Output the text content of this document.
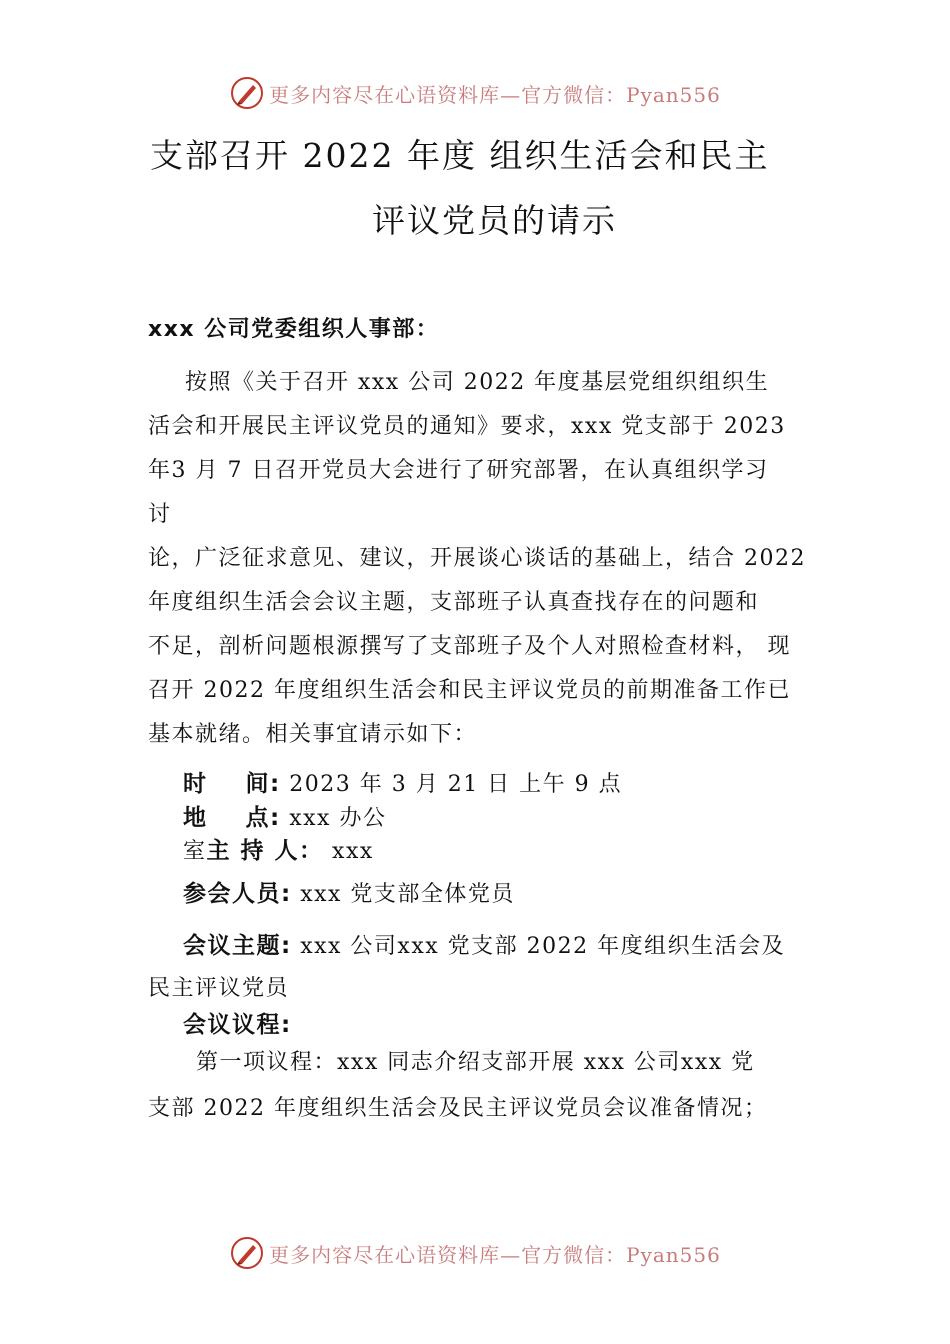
更多内容尽在心语资料库—官方微信：Pyan556
支部召开 2022 年度 组织生活会和民主
评议党员的请示
xxx 公司党委组织人事部：
按照《关于召开 xxx 公司 2022 年度基层党组织组织生
活会和开展民主评议党员的通知》要求，xxx 党支部于 2023
年3 月 7 日召开党员大会进行了研究部署，在认真组织学习
讨
论，广泛征求意见、建议，开展谈心谈话的基础上，结合 2022
年度组织生活会会议主题，支部班子认真查找存在的问题和
不足，剖析问题根源撰写了支部班子及个人对照检查材料， 现
召开 2022 年度组织生活会和民主评议党员的前期准备工作已
基本就绪。相关事宜请示如下：
时    间: 2023 年 3 月 21 日 上午 9 点
地    点: xxx 办公
室主 持 人： xxx
参会人员: xxx 党支部全体党员
会议主题: xxx 公司xxx 党支部 2022 年度组织生活会及
民主评议党员
会议议程:
第一项议程：xxx 同志介绍支部开展 xxx 公司xxx 党
支部 2022 年度组织生活会及民主评议党员会议准备情况；
更多内容尽在心语资料库—官方微信：Pyan556
